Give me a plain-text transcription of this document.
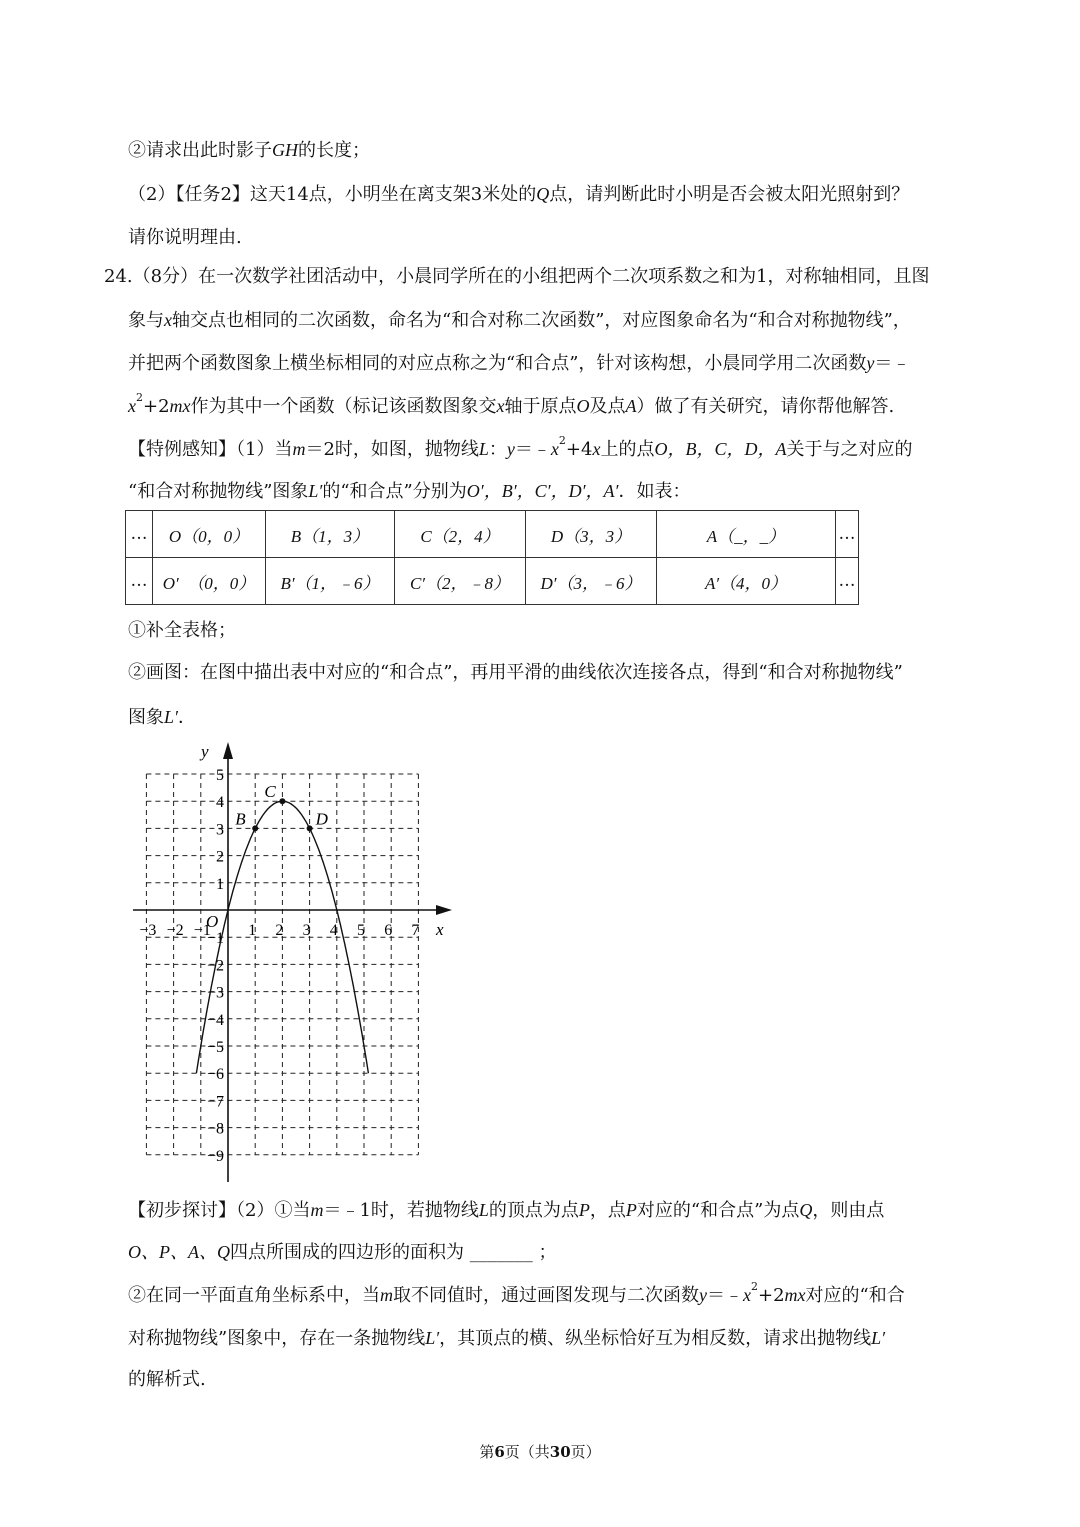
②请求出此时影子GH的长度；
（2）【任务2】这天14点，小明坐在离支架3米处的Q点，请判断此时小明是否会被太阳光照射到？
请你说明理由.
24.（8分）在一次数学社团活动中，小晨同学所在的小组把两个二次项系数之和为1，对称轴相同，且图
象与x轴交点也相同的二次函数，命名为“和合对称二次函数”，对应图象命名为“和合对称抛物线”，
并把两个函数图象上横坐标相同的对应点称之为“和合点”，针对该构想，小晨同学用二次函数y＝﹣
$x^2+2mx$作为其中一个函数（标记该函数图象交x轴于原点O及点A）做了有关研究，请你帮他解答.
【特例感知】（1）当m＝2时，如图，抛物线L：$y=﹣x^2+4x$上的点O，B，C，D，A关于与之对应的
“和合对称抛物线”图象L′的“和合点”分别为O′，B′，C′，D′，A′．如表：
…	O（0，0）	B（1，3）	C（2，4）	D（3，3）	A（_，_）	…
…	O′　（0，0）	B′（1，﹣6）	C′（2，﹣8）	D′（3，﹣6）	A′（4，0）	…
①补全表格；
②画图：在图中描出表中对应的“和合点”，再用平滑的曲线依次连接各点，得到“和合对称抛物线”
图象L′．
−3 −2 −1 1 2 3 4 5 6 7
5
4
3
2
1
−1
−2
−3
−4
−5
−6
−7
−8
−9
B
C
D
y
x
O
【初步探讨】（2）①当m＝﹣1时，若抛物线L的顶点为点P，点P对应的“和合点”为点Q，则由点
O、P、A、Q四点所围成的四边形的面积为 _______ ；
②在同一平面直角坐标系中，当m取不同值时，通过画图发现与二次函数$y=﹣x^2+2mx$对应的“和合
对称抛物线”图象中，存在一条抛物线L′，其顶点的横、纵坐标恰好互为相反数，请求出抛物线L′
的解析式.
第6页（共30页）
